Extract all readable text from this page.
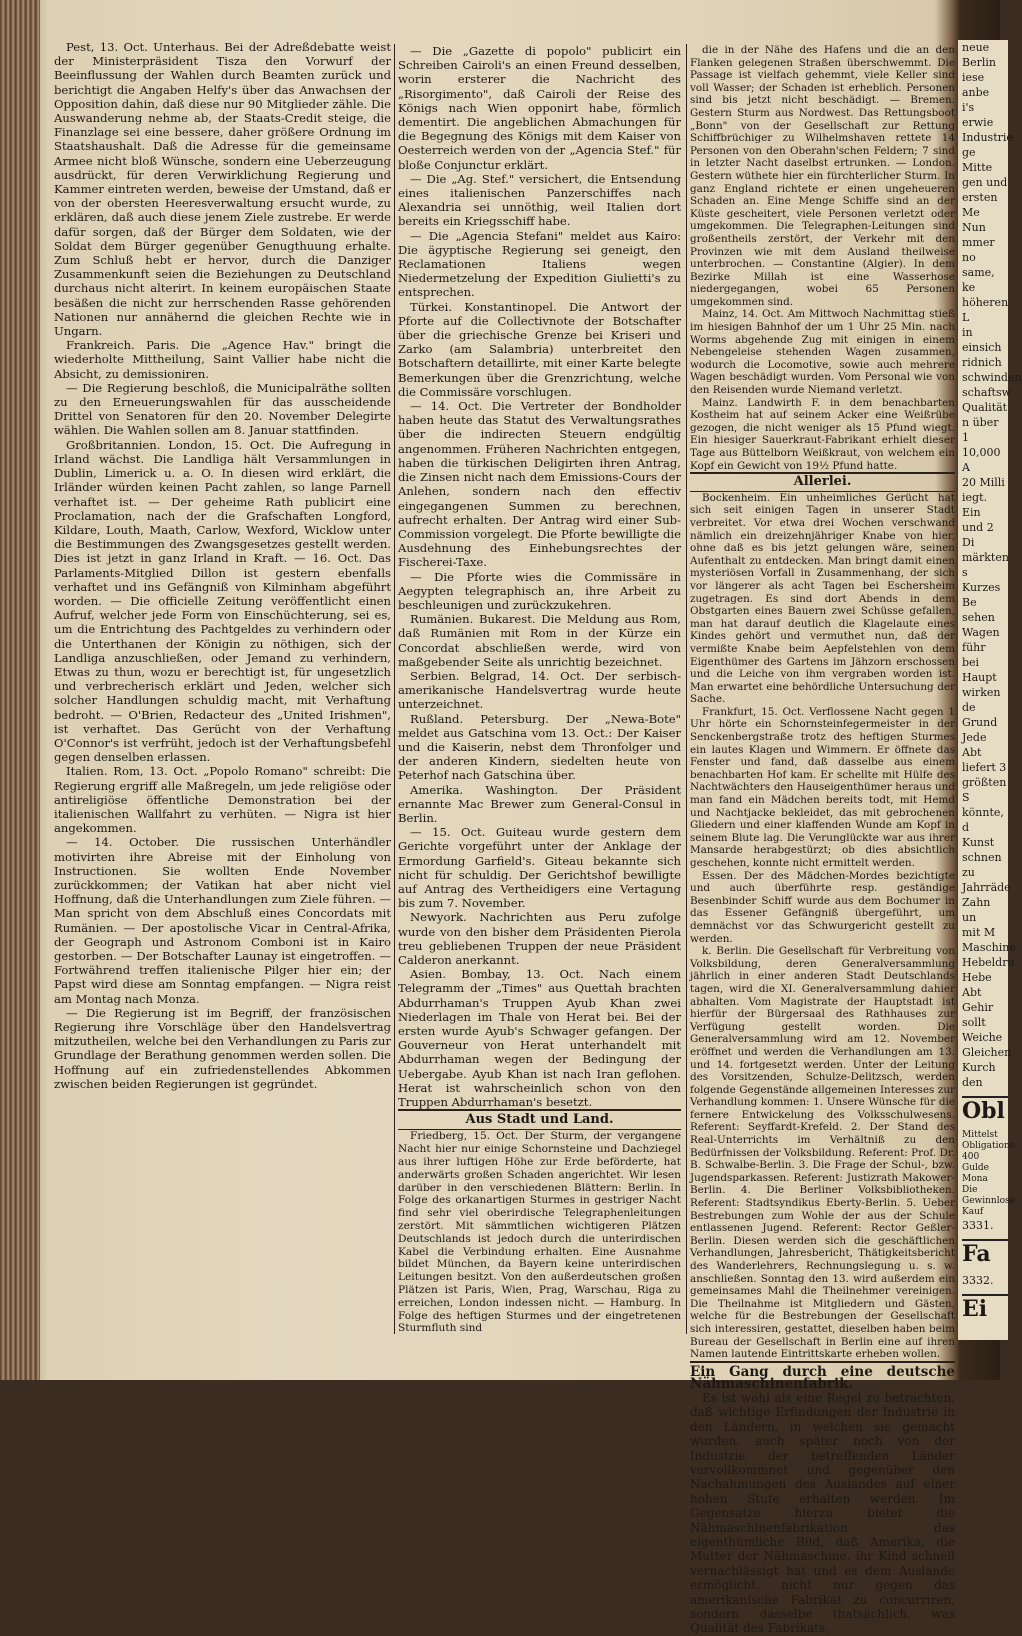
Pest, 13. Oct. Unterhaus. Bei der Adreßdebatte weist der Ministerpräsident Tisza den Vorwurf der Beeinflussung der Wahlen durch Beamten zurück und berichtigt die Angaben Helfy's über das Anwachsen der Opposition dahin, daß diese nur 90 Mitglieder zähle. Die Auswanderung nehme ab, der Staats-Credit steige, die Finanzlage sei eine bessere, daher größere Ordnung im Staatshaushalt. Daß die Adresse für die gemeinsame Armee nicht bloß Wünsche, sondern eine Ueberzeugung ausdrückt, für deren Verwirklichung Regierung und Kammer eintreten werden, beweise der Umstand, daß er von der obersten Heeresverwaltung ersucht wurde, zu erklären, daß auch diese jenem Ziele zustrebe. Er werde dafür sorgen, daß der Bürger dem Soldaten, wie der Soldat dem Bürger gegenüber Genugthuung erhalte. Zum Schluß hebt er hervor, durch die Danziger Zusammenkunft seien die Beziehungen zu Deutschland durchaus nicht alterirt. In keinem europäischen Staate besäßen die nicht zur herrschenden Rasse gehörenden Nationen nur annähernd die gleichen Rechte wie in Ungarn.

Frankreich. Paris. Die „Agence Hav." bringt die wiederholte Mittheilung, Saint Vallier habe nicht die Absicht, zu demissioniren.

— Die Regierung beschloß, die Municipalräthe sollten zu den Erneuerungswahlen für das ausscheidende Drittel von Senatoren für den 20. November Delegirte wählen. Die Wahlen sollen am 8. Januar stattfinden.

Großbritannien. London, 15. Oct. Die Aufregung in Irland wächst. Die Landliga hält Versammlungen in Dublin, Limerick u. a. O. In diesen wird erklärt, die Irländer würden keinen Pacht zahlen, so lange Parnell verhaftet ist. — Der geheime Rath publicirt eine Proclamation, nach der die Grafschaften Longford, Kildare, Louth, Maath, Carlow, Wexford, Wicklow unter die Bestimmungen des Zwangsgesetzes gestellt werden. Dies ist jetzt in ganz Irland in Kraft. — 16. Oct. Das Parlaments-Mitglied Dillon ist gestern ebenfalls verhaftet und ins Gefängniß von Kilminham abgeführt worden. — Die officielle Zeitung veröffentlicht einen Aufruf, welcher jede Form von Einschüchterung, sei es, um die Entrichtung des Pachtgeldes zu verhindern oder die Unterthanen der Königin zu nöthigen, sich der Landliga anzuschließen, oder Jemand zu verhindern, Etwas zu thun, wozu er berechtigt ist, für ungesetzlich und verbrecherisch erklärt und Jeden, welcher sich solcher Handlungen schuldig macht, mit Verhaftung bedroht. — O'Brien, Redacteur des „United Irishmen", ist verhaftet. Das Gerücht von der Verhaftung O'Connor's ist verfrüht, jedoch ist der Verhaftungsbefehl gegen denselben erlassen.

Italien. Rom, 13. Oct. „Popolo Romano" schreibt: Die Regierung ergriff alle Maßregeln, um jede religiöse oder antireligiöse öffentliche Demonstration bei der italienischen Wallfahrt zu verhüten. — Nigra ist hier angekommen.

— 14. October. Die russischen Unterhändler motivirten ihre Abreise mit der Einholung von Instructionen. Sie wollten Ende November zurückkommen; der Vatikan hat aber nicht viel Hoffnung, daß die Unterhandlungen zum Ziele führen. — Man spricht von dem Abschluß eines Concordats mit Rumänien. — Der apostolische Vicar in Central-Afrika, der Geograph und Astronom Comboni ist in Kairo gestorben. — Der Botschafter Launay ist eingetroffen. — Fortwährend treffen italienische Pilger hier ein; der Papst wird diese am Sonntag empfangen. — Nigra reist am Montag nach Monza.

— Die Regierung ist im Begriff, der französischen Regierung ihre Vorschläge über den Handelsvertrag mitzutheilen, welche bei den Verhandlungen zu Paris zur Grundlage der Berathung genommen werden sollen. Die Hoffnung auf ein zufriedenstellendes Abkommen zwischen beiden Regierungen ist gegründet.

— Die „Gazette di popolo" publicirt ein Schreiben Cairoli's an einen Freund desselben, worin ersterer die Nachricht des „Risorgimento", daß Cairoli der Reise des Königs nach Wien opponirt habe, förmlich dementirt. Die angeblichen Abmachungen für die Begegnung des Königs mit dem Kaiser von Oesterreich werden von der „Agencia Stef." für bloße Conjunctur erklärt.

— Die „Ag. Stef." versichert, die Entsendung eines italienischen Panzerschiffes nach Alexandria sei unnöthig, weil Italien dort bereits ein Kriegsschiff habe.

— Die „Agencia Stefani" meldet aus Kairo: Die ägyptische Regierung sei geneigt, den Reclamationen Italiens wegen Niedermetzelung der Expedition Giulietti's zu entsprechen.

Türkei. Konstantinopel. Die Antwort der Pforte auf die Collectivnote der Botschafter über die griechische Grenze bei Kriseri und Zarko (am Salambria) unterbreitet den Botschaftern detaillirte, mit einer Karte belegte Bemerkungen über die Grenzrichtung, welche die Commissäre vorschlugen.

— 14. Oct. Die Vertreter der Bondholder haben heute das Statut des Verwaltungsrathes über die indirecten Steuern endgültig angenommen. Früheren Nachrichten entgegen, haben die türkischen Deligirten ihren Antrag, die Zinsen nicht nach dem Emissions-Cours der Anlehen, sondern nach den effectiv eingegangenen Summen zu berechnen, aufrecht erhalten. Der Antrag wird einer Sub-Commission vorgelegt. Die Pforte bewilligte die Ausdehnung des Einhebungsrechtes der Fischerei-Taxe.

— Die Pforte wies die Commissäre in Aegypten telegraphisch an, ihre Arbeit zu beschleunigen und zurückzukehren.

Rumänien. Bukarest. Die Meldung aus Rom, daß Rumänien mit Rom in der Kürze ein Concordat abschließen werde, wird von maßgebender Seite als unrichtig bezeichnet.

Serbien. Belgrad, 14. Oct. Der serbisch-amerikanische Handelsvertrag wurde heute unterzeichnet.

Rußland. Petersburg. Der „Newa-Bote" meldet aus Gatschina vom 13. Oct.: Der Kaiser und die Kaiserin, nebst dem Thronfolger und der anderen Kindern, siedelten heute von Peterhof nach Gatschina über.

Amerika. Washington. Der Präsident ernannte Mac Brewer zum General-Consul in Berlin.

— 15. Oct. Guiteau wurde gestern dem Gerichte vorgeführt unter der Anklage der Ermordung Garfield's. Giteau bekannte sich nicht für schuldig. Der Gerichtshof bewilligte auf Antrag des Vertheidigers eine Vertagung bis zum 7. November.

Newyork. Nachrichten aus Peru zufolge wurde von den bisher dem Präsidenten Pierola treu gebliebenen Truppen der neue Präsident Calderon anerkannt.

Asien. Bombay, 13. Oct. Nach einem Telegramm der „Times" aus Quettah brachten Abdurrhaman's Truppen Ayub Khan zwei Niederlagen im Thale von Herat bei. Bei der ersten wurde Ayub's Schwager gefangen. Der Gouverneur von Herat unterhandelt mit Abdurrhaman wegen der Bedingung der Uebergabe. Ayub Khan ist nach Iran geflohen. Herat ist wahrscheinlich schon von den Truppen Abdurrhaman's besetzt.

Aus Stadt und Land.

Friedberg, 15. Oct. Der Sturm, der vergangene Nacht hier nur einige Schornsteine und Dachziegel aus ihrer luftigen Höhe zur Erde beförderte, hat anderwärts großen Schaden angerichtet. Wir lesen darüber in den verschiedenen Blättern: Berlin. In Folge des orkanartigen Sturmes in gestriger Nacht find sehr viel oberirdische Telegraphenleitungen zerstört. Mit sämmtlichen wichtigeren Plätzen Deutschlands ist jedoch durch die unterirdischen Kabel die Verbindung erhalten. Eine Ausnahme bildet München, da Bayern keine unterirdischen Leitungen besitzt. Von den außerdeutschen großen Plätzen ist Paris, Wien, Prag, Warschau, Riga zu erreichen, London indessen nicht. — Hamburg. In Folge des heftigen Sturmes und der eingetretenen Sturmfluth sind

die in der Nähe des Hafens und die an den Flanken gelegenen Straßen überschwemmt. Die Passage ist vielfach gehemmt, viele Keller sind voll Wasser; der Schaden ist erheblich. Personen sind bis jetzt nicht beschädigt. — Bremen. Gestern Sturm aus Nordwest. Das Rettungsboot „Bonn" von der Gesellschaft zur Rettung Schiffbrüchiger zu Wilhelmshaven rettete 14 Personen von den Oberahn'schen Feldern; 7 sind in letzter Nacht daselbst ertrunken. — London. Gestern wüthete hier ein fürchterlicher Sturm. In ganz England richtete er einen ungeheueren Schaden an. Eine Menge Schiffe sind an der Küste gescheitert, viele Personen verletzt oder umgekommen. Die Telegraphen-Leitungen sind großentheils zerstört, der Verkehr mit den Provinzen wie mit dem Ausland theilweise unterbrochen. — Constantine (Algier). In dem Bezirke Millah ist eine Wasserhose niedergegangen, wobei 65 Personen umgekommen sind.

Mainz, 14. Oct. Am Mittwoch Nachmittag stieß im hiesigen Bahnhof der um 1 Uhr 25 Min. nach Worms abgehende Zug mit einigen in einem Nebengeleise stehenden Wagen zusammen, wodurch die Locomotive, sowie auch mehrere Wagen beschädigt wurden. Vom Personal wie von den Reisenden wurde Niemand verletzt.

Mainz. Landwirth F. in dem benachbarten Kostheim hat auf seinem Acker eine Weißrübe gezogen, die nicht weniger als 15 Pfund wiegt. Ein hiesiger Sauerkraut-Fabrikant erhielt dieser Tage aus Büttelborn Weißkraut, von welchem ein Kopf ein Gewicht von 19½ Pfund hatte.

Allerlei.

Bockenheim. Ein unheimliches Gerücht hat sich seit einigen Tagen in unserer Stadt verbreitet. Vor etwa drei Wochen verschwand nämlich ein dreizehnjähriger Knabe von hier, ohne daß es bis jetzt gelungen wäre, seinen Aufenthalt zu entdecken. Man bringt damit einen mysteriösen Vorfall in Zusammenhang, der sich vor längerer als acht Tagen bei Eschersheim zugetragen. Es sind dort Abends in dem Obstgarten eines Bauern zwei Schüsse gefallen, man hat darauf deutlich die Klagelaute eines Kindes gehört und vermuthet nun, daß der vermißte Knabe beim Aepfelstehlen von dem Eigenthümer des Gartens im Jähzorn erschossen und die Leiche von ihm vergraben worden ist. Man erwartet eine behördliche Untersuchung der Sache.

Frankfurt, 15. Oct. Verflossene Nacht gegen 1 Uhr hörte ein Schornsteinfegermeister in der Senckenbergstraße trotz des heftigen Sturmes ein lautes Klagen und Wimmern. Er öffnete das Fenster und fand, daß dasselbe aus einem benachbarten Hof kam. Er schellte mit Hülfe des Nachtwächters den Hauseigenthümer heraus und man fand ein Mädchen bereits todt, mit Hemd und Nachtjacke bekleidet, das mit gebrochenen Gliedern und einer klaffenden Wunde am Kopf in seinem Blute lag. Die Verunglückte war aus ihrer Mansarde herabgestürzt; ob dies absichtlich geschehen, konnte nicht ermittelt werden.

Essen. Der des Mädchen-Mordes bezichtigte und auch überführte resp. geständige Besenbinder Schiff wurde aus dem Bochumer in das Essener Gefängniß übergeführt, um demnächst vor das Schwurgericht gestellt zu werden.

k. Berlin. Die Gesellschaft für Verbreitung von Volksbildung, deren Generalversammlung jährlich in einer anderen Stadt Deutschlands tagen, wird die XI. Generalversammlung dahier abhalten. Vom Magistrate der Hauptstadt ist hierfür der Bürgersaal des Rathhauses zur Verfügung gestellt worden. Die Generalversammlung wird am 12. November eröffnet und werden die Verhandlungen am 13. und 14. fortgesetzt werden. Unter der Leitung des Vorsitzenden, Schulze-Delitzsch, werden folgende Gegenstände allgemeinen Interesses zur Verhandlung kommen: 1. Unsere Wünsche für die fernere Entwickelung des Volksschulwesens. Referent: Seyffardt-Krefeld. 2. Der Stand des Real-Unterrichts im Verhältniß zu den Bedürfnissen der Volksbildung. Referent: Prof. Dr. B. Schwalbe-Berlin. 3. Die Frage der Schul-, bzw. Jugendsparkassen. Referent: Justizrath Makower-Berlin. 4. Die Berliner Volksbibliotheken. Referent: Stadtsyndikus Eberty-Berlin. 5. Ueber Bestrebungen zum Wohle der aus der Schule entlassenen Jugend. Referent: Rector Geßler-Berlin. Diesen werden sich die geschäftlichen Verhandlungen, Jahresbericht, Thätigkeitsbericht des Wanderlehrers, Rechnungslegung u. s. w. anschließen. Sonntag den 13. wird außerdem ein gemeinsames Mahl die Theilnehmer vereinigen. Die Theilnahme ist Mitgliedern und Gästen, welche für die Bestrebungen der Gesellschaft sich interessiren, gestattet, dieselben haben beim Bureau der Gesellschaft in Berlin eine auf ihren Namen lautende Eintrittskarte erheben wollen.

Ein Gang durch eine deutsche Nähmaschinenfabrik.

Es ist wohl als eine Regel zu betrachten, daß wichtige Erfindungen der Industrie in den Ländern, in welchen sie gemacht wurden, auch später noch von der Industrie der betreffenden Länder vervollkommnet und gegenüber den Nachahmungen des Auslandes auf einer hohen Stufe erhalten werden. Im Gegensatze hierzu bietet die Nähmaschinenfabrikation das eigenthümliche Bild, daß Amerika, die Mutter der Nähmaschine, ihr Kind schnell vernachlässigt hat und es dem Auslande ermöglicht, nicht nur gegen das amerikanische Fabrikat zu concurriren, sondern dasselbe thatsächlich, was Qualität des Fabrikats,

neue Berlin
iese anbe
i's erwie
Industrie
ge Mitte
gen und
ersten Me
Nun
mmer no
same, ke
höheren L
in einsich
ridnich
schwinden
schaftsw
Qualität
n über 1
10,000 A
20 Milli
iegt. Ein
und 2 Di
märkten s
Kurzes Be
sehen
Wagen führ
bei Haupt
wirken de
Grund
Jede Abt
liefert 3
größten S
könnte, d
Kunst
schnen zu
Jahrräde
Zahn un
mit M
Maschine
Hebeldru
Hebe Abt
Gehir sollt
Weiche
Gleichen
Kurch den
Obl
Mittelst
Obligatione
400 Gulde
Mona
Die
Gewinnlose
Kauf
3331.
Fa
3332.
Ei
